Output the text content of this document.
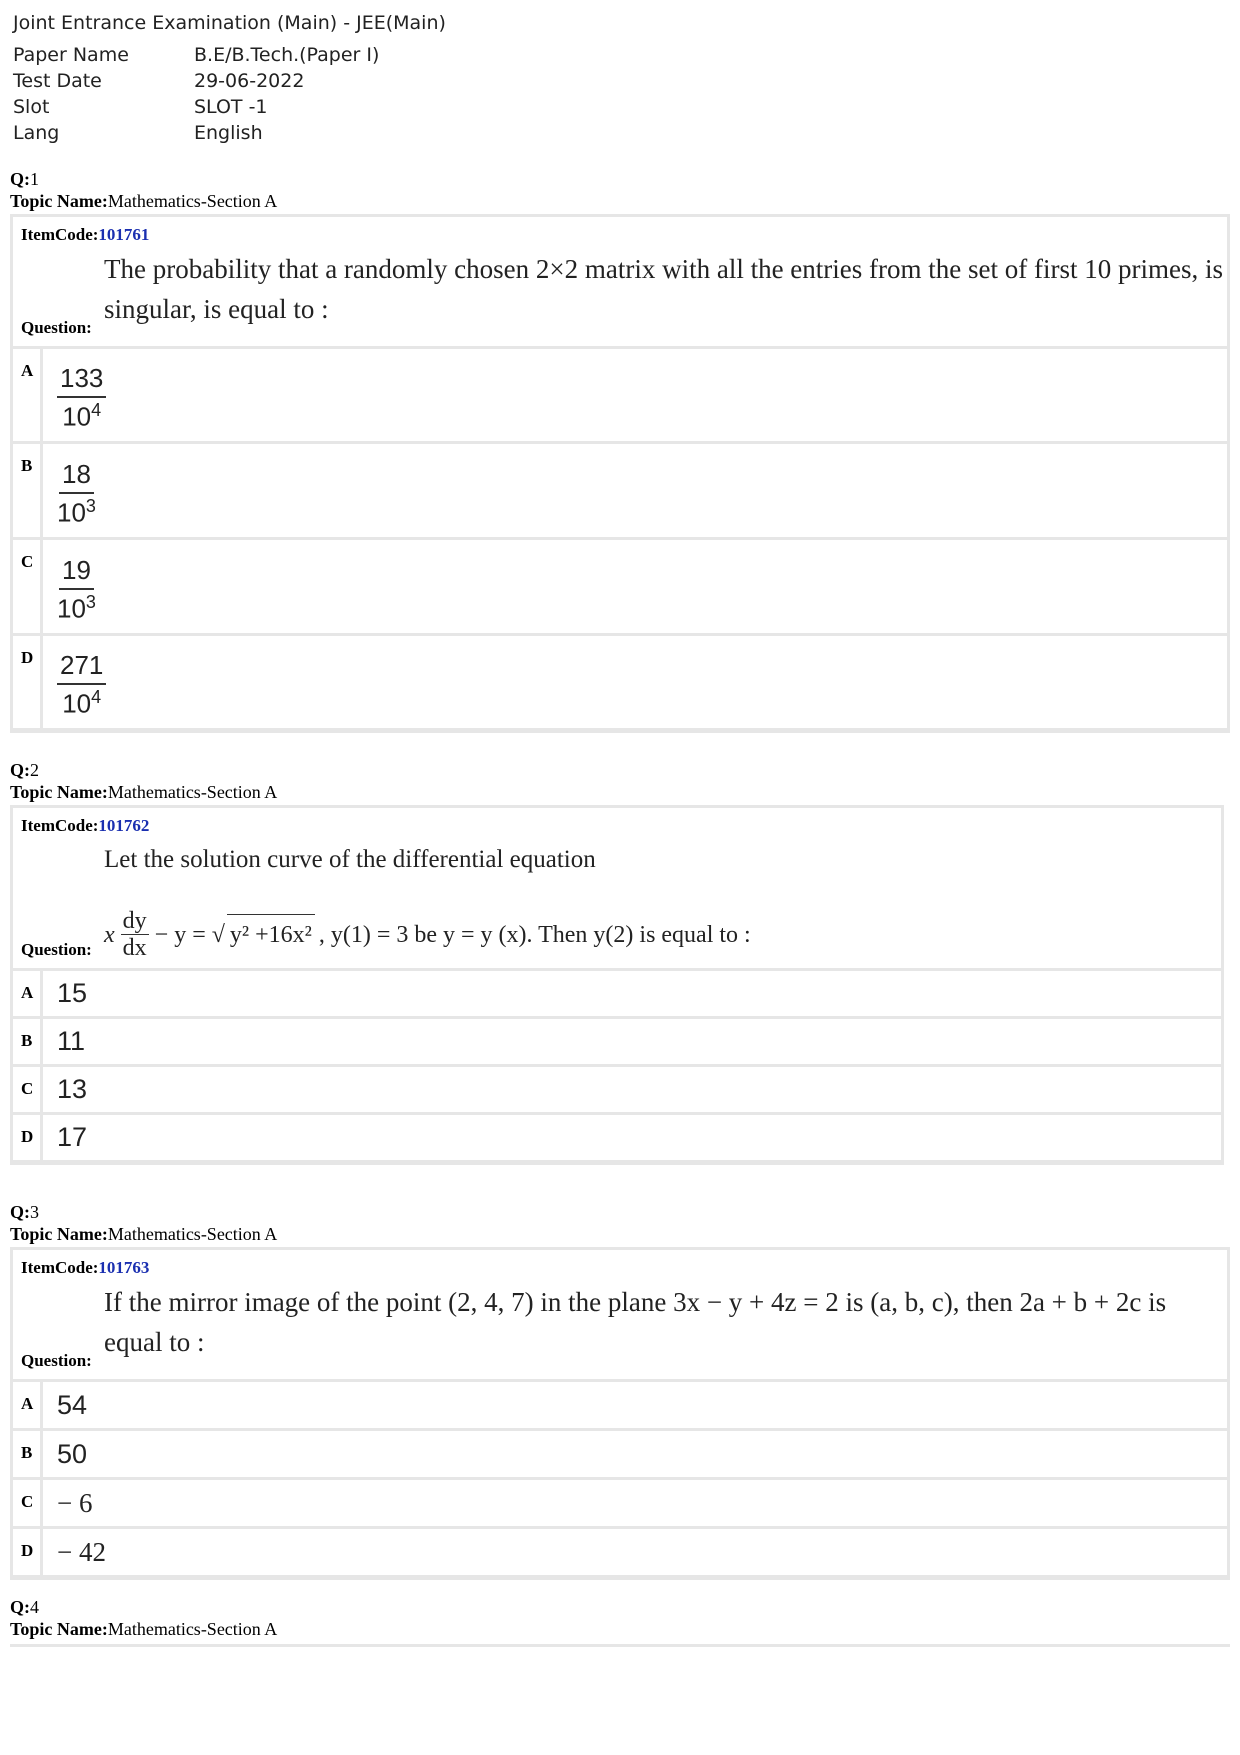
Joint Entrance Examination (Main) - JEE(Main)
Paper Name	B.E/B.Tech.(Paper I)
Test Date	29-06-2022
Slot	SLOT -1
Lang	English
Q:1
Topic Name:Mathematics-Section A
ItemCode:101761
Question:
The probability that a randomly chosen 2×2 matrix with all the entries from the set of first 10 primes, is singular, is equal to :
A $\frac{133}{10^4}$
B $\frac{18}{10^3}$
C $\frac{19}{10^3}$
D $\frac{271}{10^4}$
Q:2
Topic Name:Mathematics-Section A
ItemCode:101762
Question:
Let the solution curve of the differential equation
x
dy
dx
− y = √ y² +16x² , y(1) = 3 be y = y (x). Then y(2) is equal to :
A 15
B 11
C 13
D 17
Q:3
Topic Name:Mathematics-Section A
ItemCode:101763
Question:
If the mirror image of the point (2, 4, 7) in the plane 3x − y + 4z = 2 is (a, b, c), then 2a + b + 2c is equal to :
A 54
B 50
C − 6
D − 42
Q:4
Topic Name:Mathematics-Section A
